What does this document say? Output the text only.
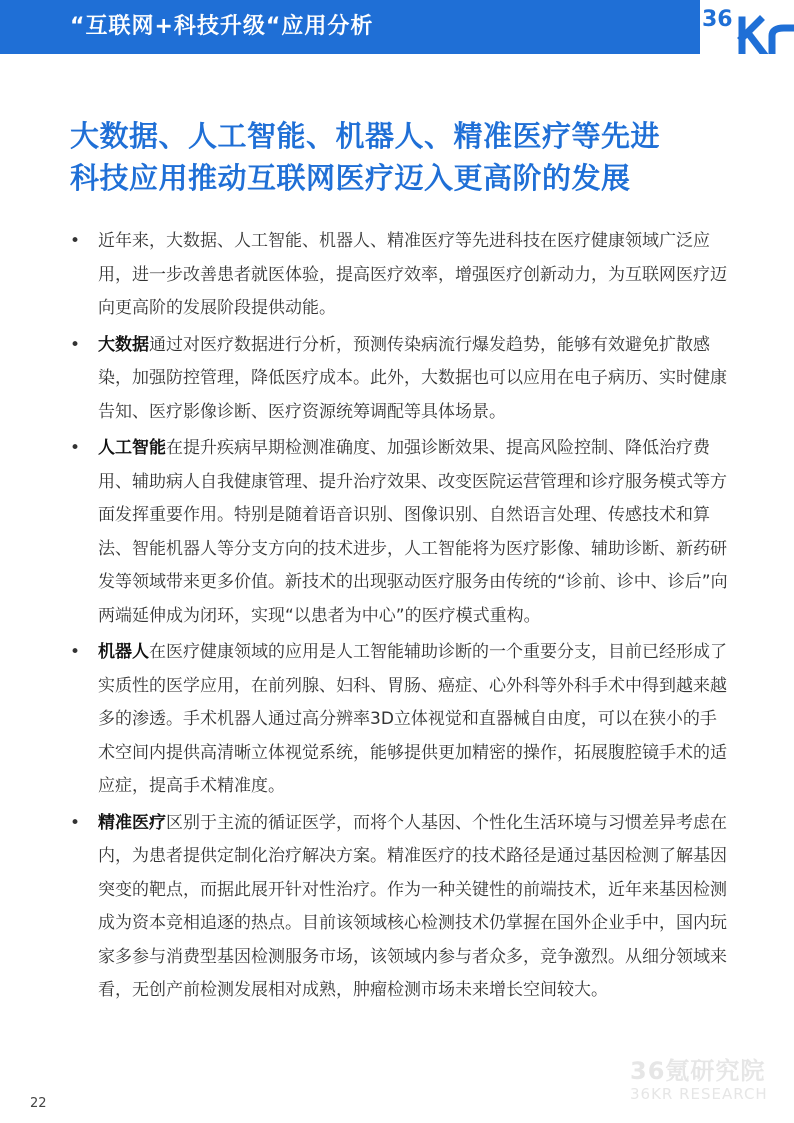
“互联网+科技升级“应用分析	36
大数据、人工智能、机器人、精准医疗等先进
科技应用推动互联网医疗迈入更高阶的发展
• 近年来，大数据、人工智能、机器人、精准医疗等先进科技在医疗健康领域广泛应用，进一步改善患者就医体验，提高医疗效率，增强医疗创新动力，为互联网医疗迈向更高阶的发展阶段提供动能。
• 大数据通过对医疗数据进行分析，预测传染病流行爆发趋势，能够有效避免扩散感染，加强防控管理，降低医疗成本。此外，大数据也可以应用在电子病历、实时健康告知、医疗影像诊断、医疗资源统筹调配等具体场景。
• 人工智能在提升疾病早期检测准确度、加强诊断效果、提高风险控制、降低治疗费用、辅助病人自我健康管理、提升治疗效果、改变医院运营管理和诊疗服务模式等方面发挥重要作用。特别是随着语音识别、图像识别、自然语言处理、传感技术和算法、智能机器人等分支方向的技术进步，人工智能将为医疗影像、辅助诊断、新药研发等领域带来更多价值。新技术的出现驱动医疗服务由传统的“诊前、诊中、诊后”向两端延伸成为闭环，实现“以患者为中心”的医疗模式重构。
• 机器人在医疗健康领域的应用是人工智能辅助诊断的一个重要分支，目前已经形成了实质性的医学应用，在前列腺、妇科、胃肠、癌症、心外科等外科手术中得到越来越多的渗透。手术机器人通过高分辨率3D立体视觉和直器械自由度，可以在狭小的手术空间内提供高清晰立体视觉系统，能够提供更加精密的操作，拓展腹腔镜手术的适应症，提高手术精准度。
• 精准医疗区别于主流的循证医学，而将个人基因、个性化生活环境与习惯差异考虑在内，为患者提供定制化治疗解决方案。精准医疗的技术路径是通过基因检测了解基因突变的靶点，而据此展开针对性治疗。作为一种关键性的前端技术，近年来基因检测成为资本竞相追逐的热点。目前该领域核心检测技术仍掌握在国外企业手中，国内玩家多参与消费型基因检测服务市场，该领域内参与者众多，竞争激烈。从细分领域来看，无创产前检测发展相对成熟，肿瘤检测市场未来增长空间较大。
36氪研究院
36KR RESEARCH
22
